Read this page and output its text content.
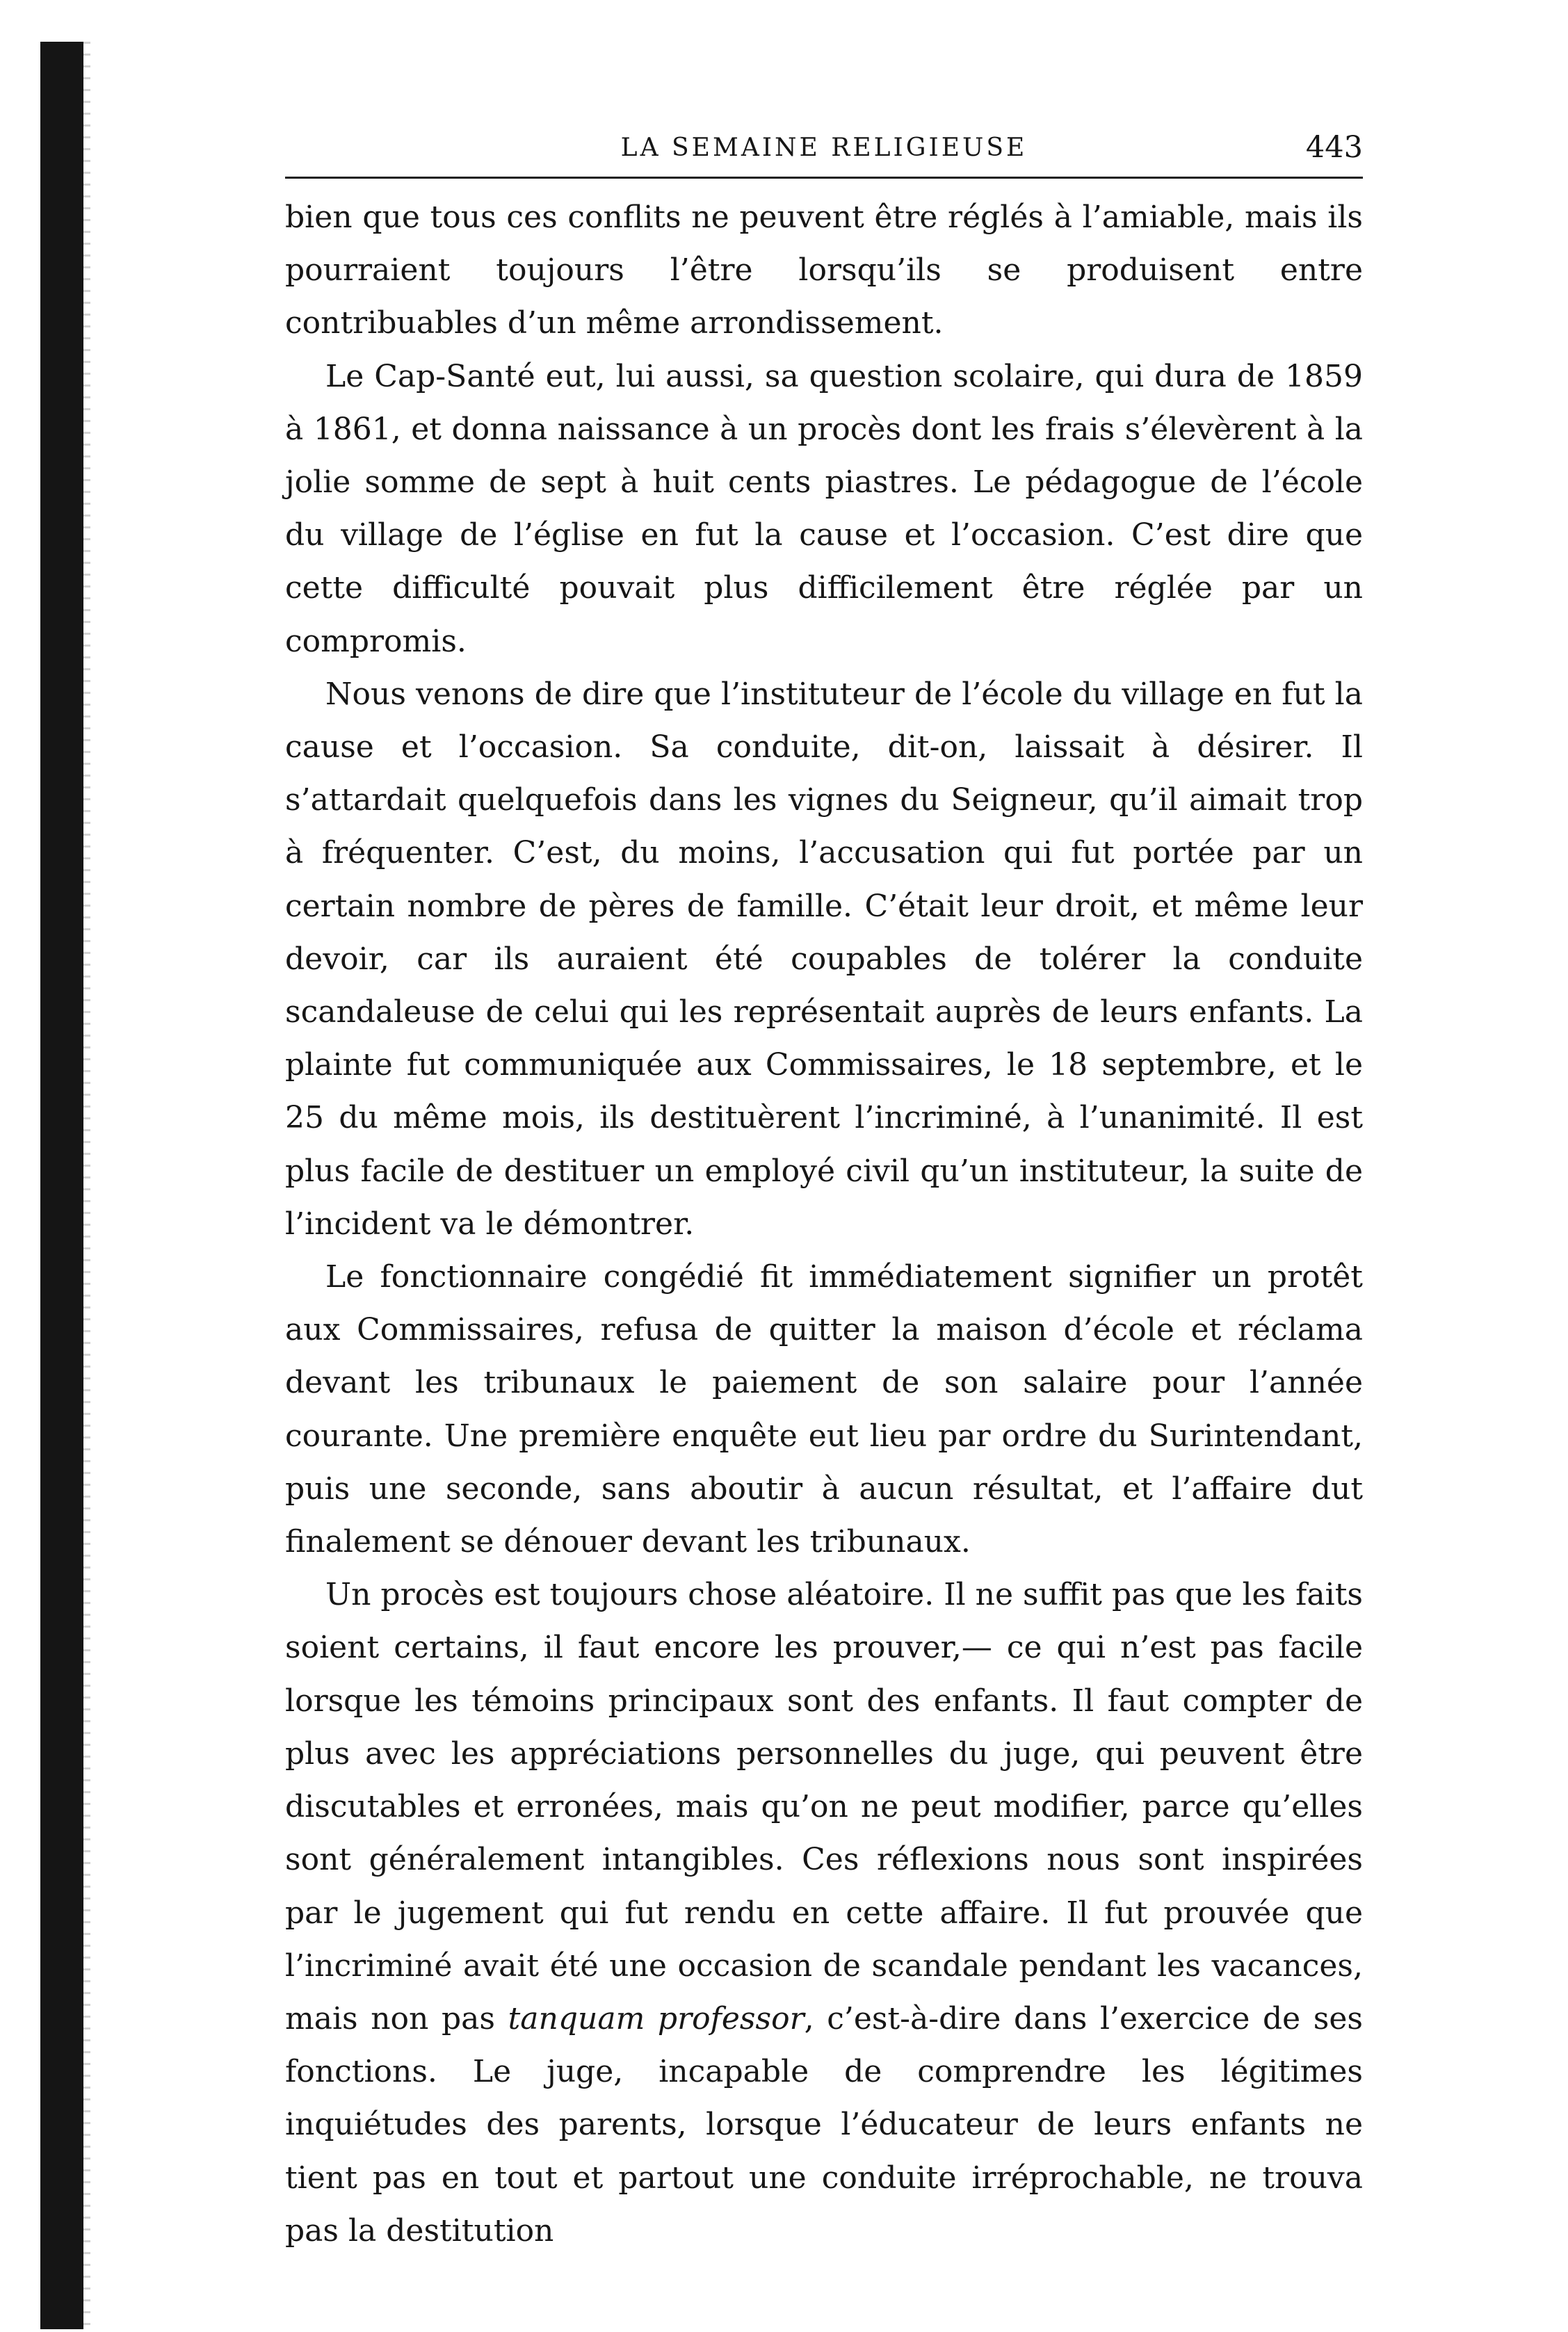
LA SEMAINE RELIGIEUSE	443

bien que tous ces conflits ne peuvent être réglés à l’amiable, mais ils pourraient toujours l’être lorsqu’ils se produisent entre contribuables d’un même arrondissement.

Le Cap-Santé eut, lui aussi, sa question scolaire, qui dura de 1859 à 1861, et donna naissance à un procès dont les frais s’élevèrent à la jolie somme de sept à huit cents piastres. Le pédagogue de l’école du village de l’église en fut la cause et l’occasion. C’est dire que cette difficulté pouvait plus difficilement être réglée par un compromis.

Nous venons de dire que l’instituteur de l’école du village en fut la cause et l’occasion. Sa conduite, dit-on, laissait à désirer. Il s’attardait quelquefois dans les vignes du Seigneur, qu’il aimait trop à fréquenter. C’est, du moins, l’accusation qui fut portée par un certain nombre de pères de famille. C’était leur droit, et même leur devoir, car ils auraient été coupables de tolérer la conduite scandaleuse de celui qui les représentait auprès de leurs enfants. La plainte fut communiquée aux Commissaires, le 18 septembre, et le 25 du même mois, ils destituèrent l’incriminé, à l’unanimité. Il est plus facile de destituer un employé civil qu’un instituteur, la suite de l’incident va le démontrer.

Le fonctionnaire congédié fit immédiatement signifier un protêt aux Commissaires, refusa de quitter la maison d’école et réclama devant les tribunaux le paiement de son salaire pour l’année courante. Une première enquête eut lieu par ordre du Surintendant, puis une seconde, sans aboutir à aucun résultat, et l’affaire dut finalement se dénouer devant les tribunaux.

Un procès est toujours chose aléatoire. Il ne suffit pas que les faits soient certains, il faut encore les prouver,— ce qui n’est pas facile lorsque les témoins principaux sont des enfants. Il faut compter de plus avec les appréciations personnelles du juge, qui peuvent être discutables et erronées, mais qu’on ne peut modifier, parce qu’elles sont généralement intangibles. Ces réflexions nous sont inspirées par le jugement qui fut rendu en cette affaire. Il fut prouvée que l’incriminé avait été une occasion de scandale pendant les vacances, mais non pas tanquam professor, c’est-à-dire dans l’exercice de ses fonctions. Le juge, incapable de comprendre les légitimes inquiétudes des parents, lorsque l’éducateur de leurs enfants ne tient pas en tout et partout une conduite irréprochable, ne trouva pas la destitution
